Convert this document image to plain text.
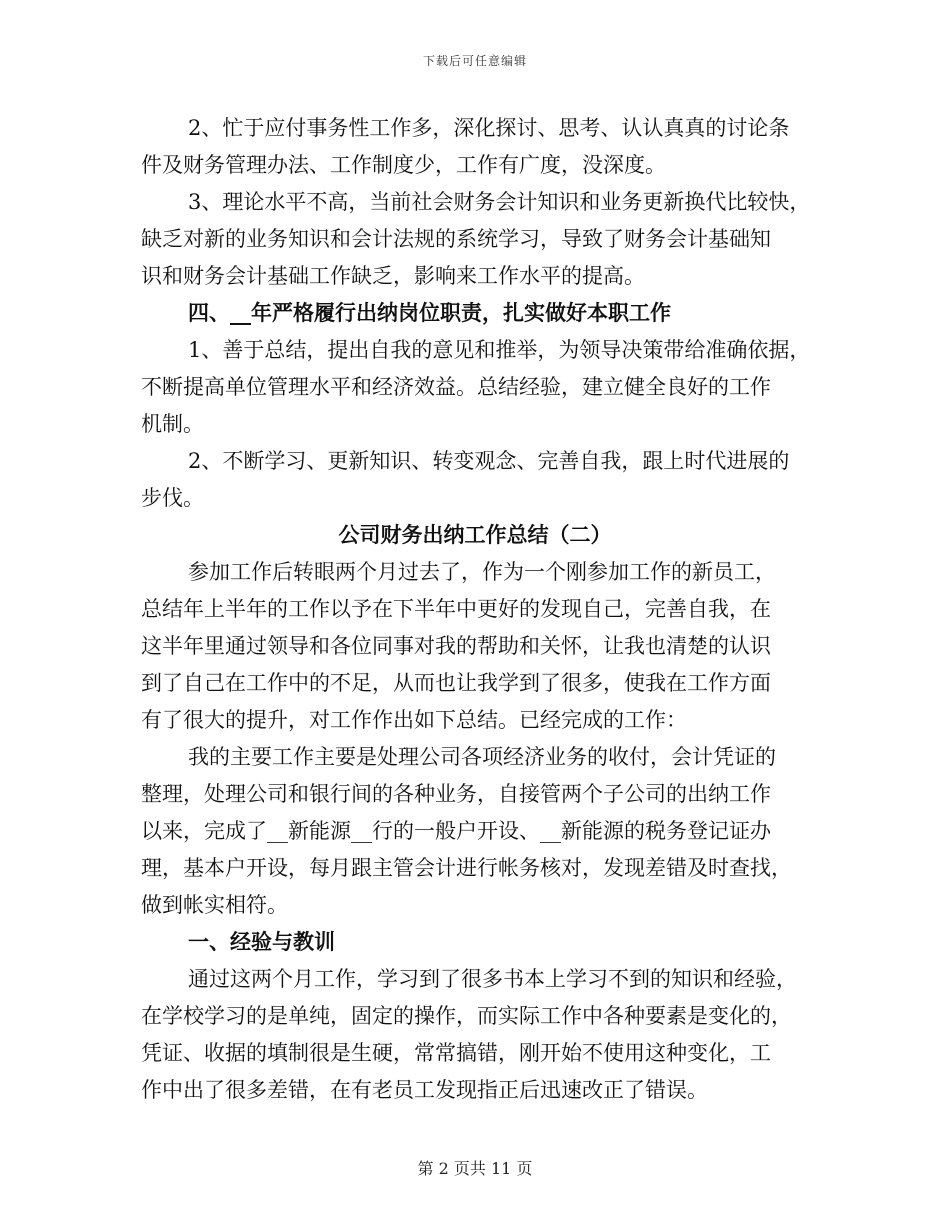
下载后可任意编辑
2、忙于应付事务性工作多，深化探讨、思考、认认真真的讨论条
件及财务管理办法、工作制度少，工作有广度，没深度。
3、理论水平不高，当前社会财务会计知识和业务更新换代比较快，
缺乏对新的业务知识和会计法规的系统学习，导致了财务会计基础知
识和财务会计基础工作缺乏，影响来工作水平的提高。
四、__年严格履行出纳岗位职责，扎实做好本职工作
1、善于总结，提出自我的意见和推举，为领导决策带给准确依据，
不断提高单位管理水平和经济效益。总结经验，建立健全良好的工作
机制。
2、不断学习、更新知识、转变观念、完善自我，跟上时代进展的
步伐。
公司财务出纳工作总结（二）
参加工作后转眼两个月过去了，作为一个刚参加工作的新员工，
总结年上半年的工作以予在下半年中更好的发现自己，完善自我，在
这半年里通过领导和各位同事对我的帮助和关怀，让我也清楚的认识
到了自己在工作中的不足，从而也让我学到了很多，使我在工作方面
有了很大的提升，对工作作出如下总结。已经完成的工作：
我的主要工作主要是处理公司各项经济业务的收付，会计凭证的
整理，处理公司和银行间的各种业务，自接管两个子公司的出纳工作
以来，完成了__新能源__行的一般户开设、__新能源的税务登记证办
理，基本户开设，每月跟主管会计进行帐务核对，发现差错及时查找，
做到帐实相符。
一、经验与教训
通过这两个月工作，学习到了很多书本上学习不到的知识和经验，
在学校学习的是单纯，固定的操作，而实际工作中各种要素是变化的，
凭证、收据的填制很是生硬，常常搞错，刚开始不使用这种变化，工
作中出了很多差错，在有老员工发现指正后迅速改正了错误。
第 2 页共 11 页
